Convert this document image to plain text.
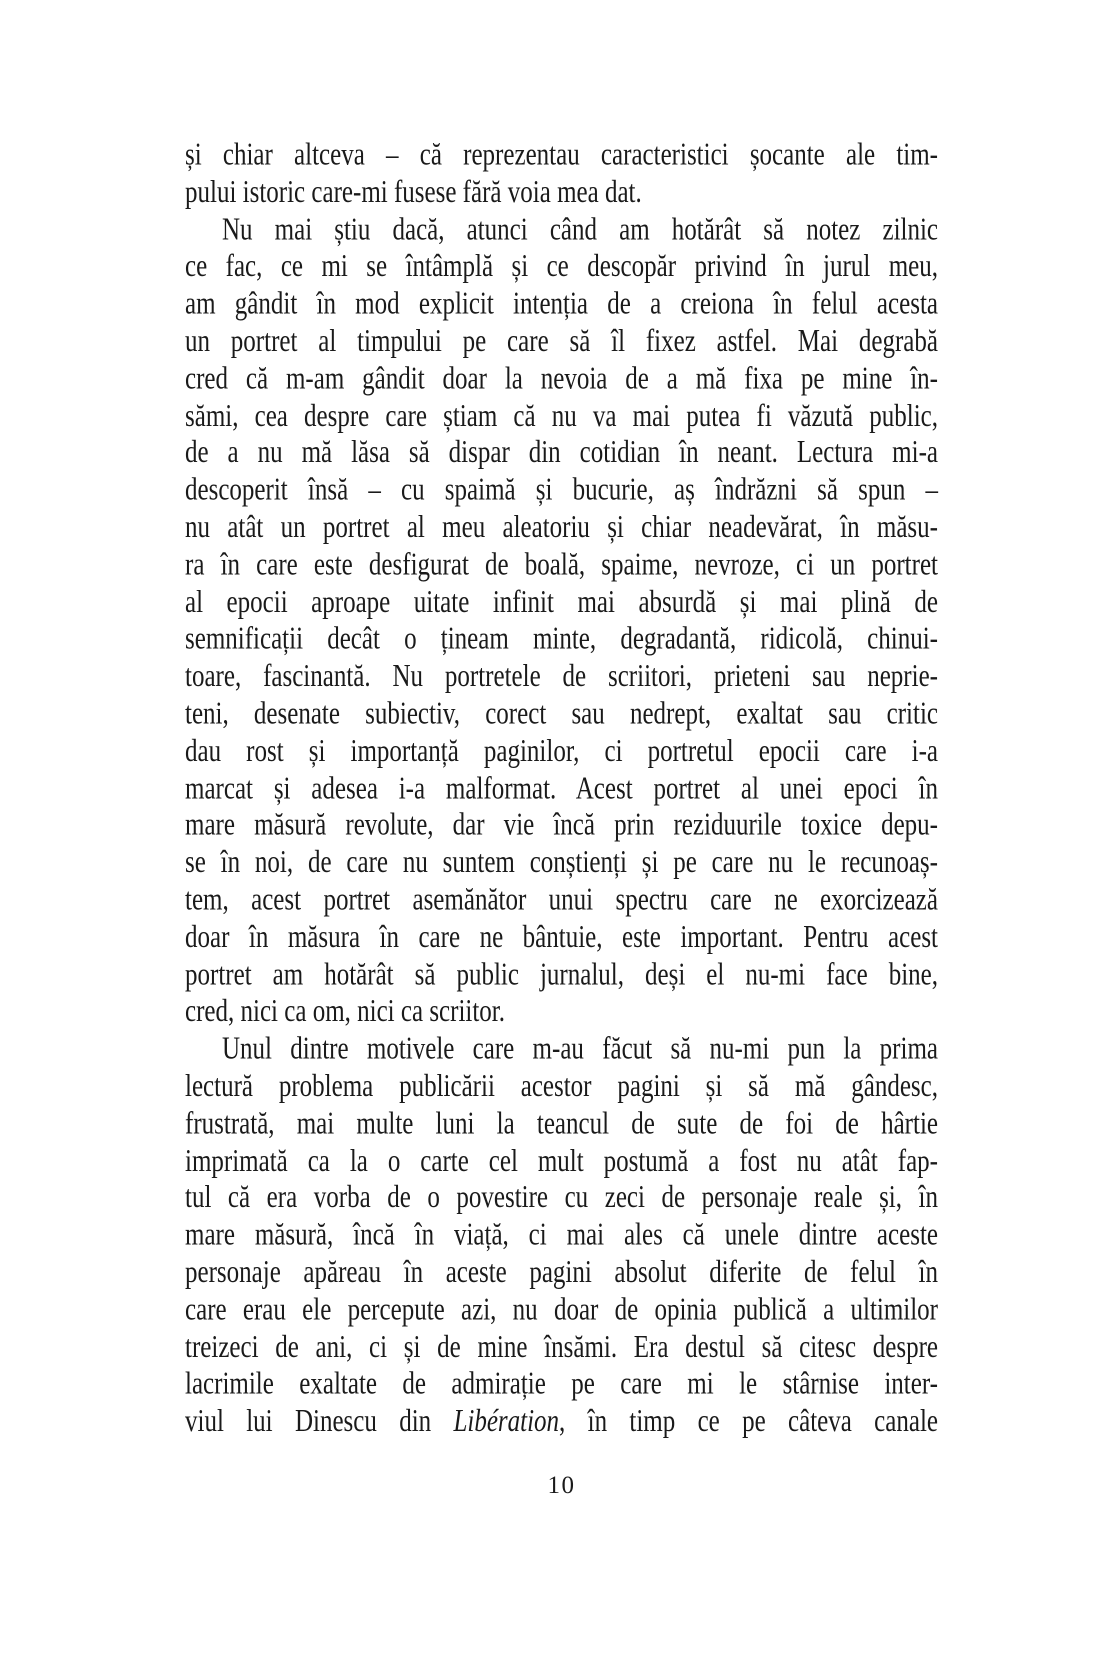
și chiar altceva – că reprezentau caracteristici șocante ale tim-
pului istoric care-mi fusese fără voia mea dat.
Nu mai știu dacă, atunci când am hotărât să notez zilnic
ce fac, ce mi se întâmplă și ce descopăr privind în jurul meu,
am gândit în mod explicit intenția de a creiona în felul acesta
un portret al timpului pe care să îl fixez astfel. Mai degrabă
cred că m-am gândit doar la nevoia de a mă fixa pe mine în-
sămi, cea despre care știam că nu va mai putea fi văzută public,
de a nu mă lăsa să dispar din cotidian în neant. Lectura mi-a
descoperit însă – cu spaimă și bucurie, aș îndrăzni să spun –
nu atât un portret al meu aleatoriu și chiar neadevărat, în măsu-
ra în care este desfigurat de boală, spaime, nevroze, ci un portret
al epocii aproape uitate infinit mai absurdă și mai plină de
semnificații decât o țineam minte, degradantă, ridicolă, chinui-
toare, fascinantă. Nu portretele de scriitori, prieteni sau neprie-
teni, desenate subiectiv, corect sau nedrept, exaltat sau critic
dau rost și importanță paginilor, ci portretul epocii care i-a
marcat și adesea i-a malformat. Acest portret al unei epoci în
mare măsură revolute, dar vie încă prin reziduurile toxice depu-
se în noi, de care nu suntem conștienți și pe care nu le recunoaș-
tem, acest portret asemănător unui spectru care ne exorcizează
doar în măsura în care ne bântuie, este important. Pentru acest
portret am hotărât să public jurnalul, deși el nu-mi face bine,
cred, nici ca om, nici ca scriitor.
Unul dintre motivele care m-au făcut să nu-mi pun la prima
lectură problema publicării acestor pagini și să mă gândesc,
frustrată, mai multe luni la teancul de sute de foi de hârtie
imprimată ca la o carte cel mult postumă a fost nu atât fap-
tul că era vorba de o povestire cu zeci de personaje reale și, în
mare măsură, încă în viață, ci mai ales că unele dintre aceste
personaje apăreau în aceste pagini absolut diferite de felul în
care erau ele percepute azi, nu doar de opinia publică a ultimilor
treizeci de ani, ci și de mine însămi. Era destul să citesc despre
lacrimile exaltate de admirație pe care mi le stârnise inter-
viul lui Dinescu din Libération, în timp ce pe câteva canale
10
